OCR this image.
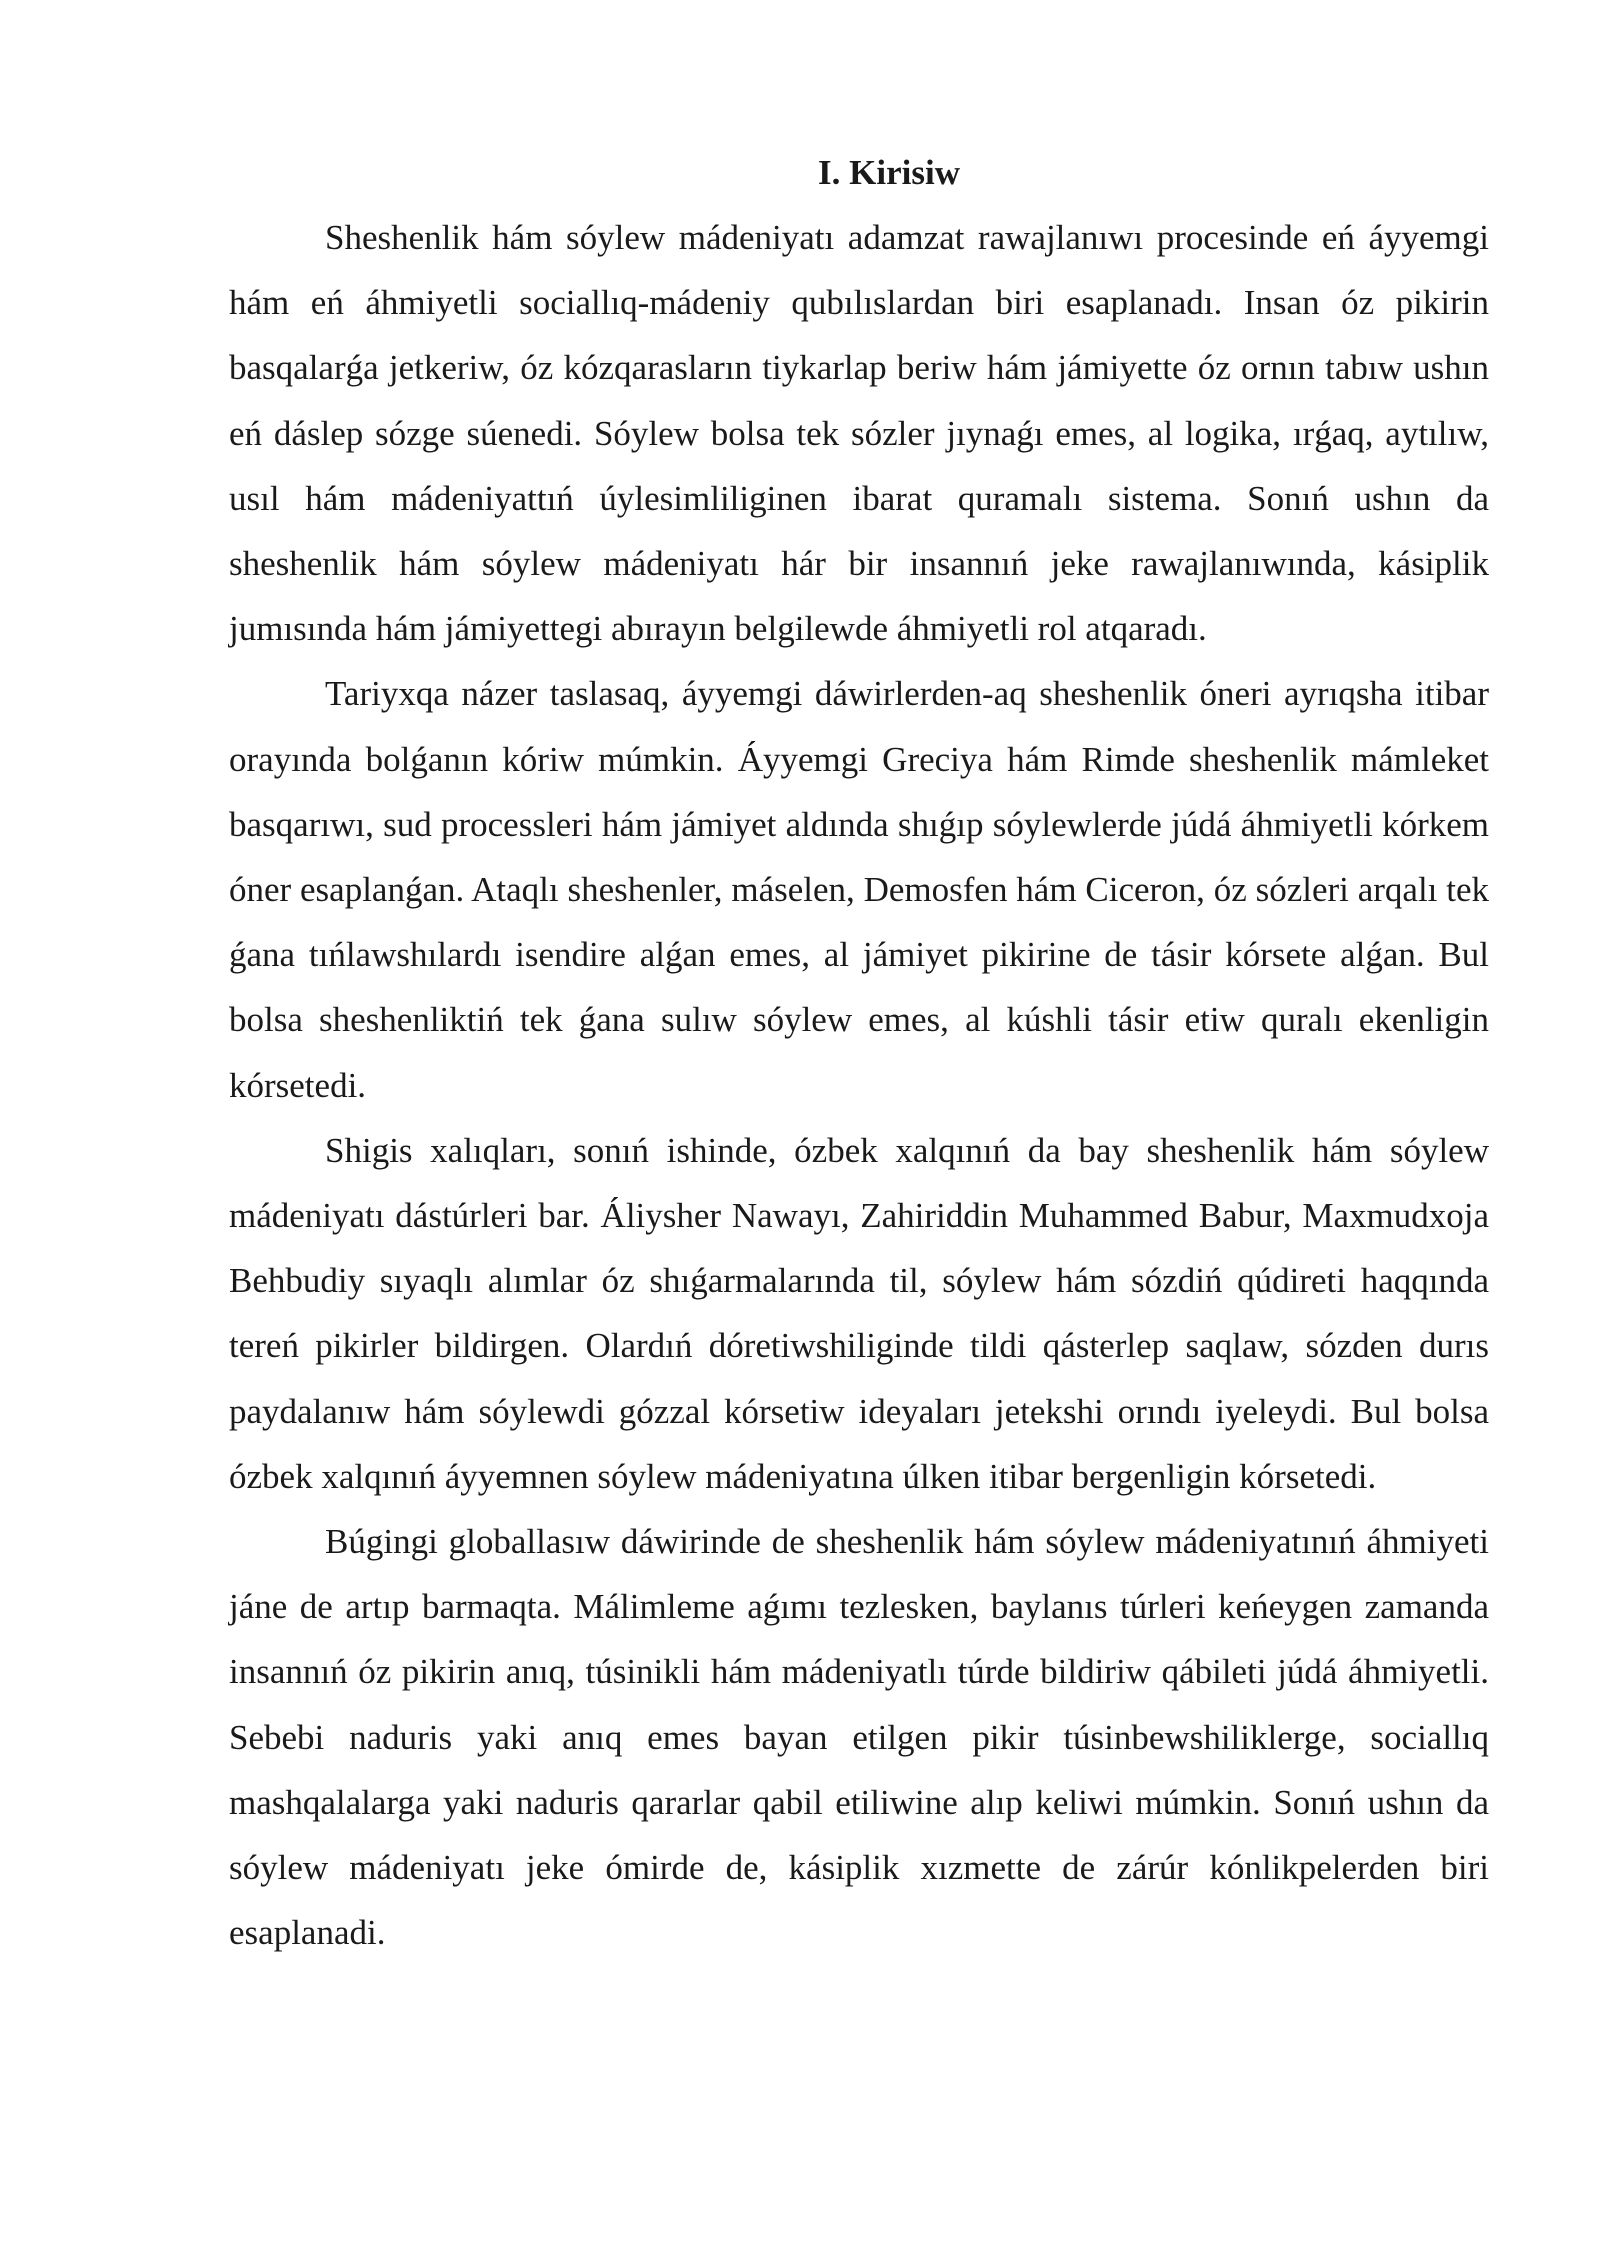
I. Kirisiw

Sheshenlik hám sóylew mádeniyatı adamzat rawajlanıwı procesinde eń áyyemgi hám eń áhmiyetli sociallıq-mádeniy qubılıslardan biri esaplanadı. Insan óz pikirin basqalarǵa jetkeriw, óz kózqarasların tiykarlap beriw hám jámiyette óz ornın tabıw ushın eń dáslep sózge súenedi. Sóylew bolsa tek sózler jıynaǵı emes, al logika, ırǵaq, aytılıw, usıl hám mádeniyattıń úylesimliliginen ibarat quramalı sistema. Sonıń ushın da sheshenlik hám sóylew mádeniyatı hár bir insannıń jeke rawajlanıwında, kásiplik jumısında hám jámiyettegi abırayın belgilewde áhmiyetli rol atqaradı.

Tariyxqa názer taslasaq, áyyemgi dáwirlerden-aq sheshenlik óneri ayrıqsha itibar orayında bolǵanın kóriw múmkin. Áyyemgi Greciya hám Rimde sheshenlik mámleket basqarıwı, sud processleri hám jámiyet aldında shıǵıp sóylewlerde júdá áhmiyetli kórkem óner esaplanǵan. Ataqlı sheshenler, máselen, Demosfen hám Ciceron, óz sózleri arqalı tek ǵana tıńlawshılardı isendire alǵan emes, al jámiyet pikirine de tásir kórsete alǵan. Bul bolsa sheshenliktiń tek ǵana sulıw sóylew emes, al kúshli tásir etiw quralı ekenligin kórsetedi.

Shigis xalıqları, sonıń ishinde, ózbek xalqınıń da bay sheshenlik hám sóylew mádeniyatı dástúrleri bar. Áliysher Nawayı, Zahiriddin Muhammed Babur, Maxmudxoja Behbudiy sıyaqlı alımlar óz shıǵarmalarında til, sóylew hám sózdiń qúdireti haqqında tereń pikirler bildirgen. Olardıń dóretiwshiliginde tildi qásterlep saqlaw, sózden durıs paydalanıw hám sóylewdi gózzal kórsetiw ideyaları jetekshi orındı iyeleydi. Bul bolsa ózbek xalqınıń áyyemnen sóylew mádeniyatına úlken itibar bergenligin kórsetedi.

Búgingi globallasıw dáwirinde de sheshenlik hám sóylew mádeniyatınıń áhmiyeti jáne de artıp barmaqta. Málimleme aǵımı tezlesken, baylanıs túrleri keńeygen zamanda insannıń óz pikirin anıq, túsinikli hám mádeniyatlı túrde bildiriw qábileti júdá áhmiyetli. Sebebi naduris yaki anıq emes bayan etilgen pikir túsinbewshiliklerge, sociallıq mashqalalarga yaki naduris qararlar qabil etiliwine alıp keliwi múmkin. Sonıń ushın da sóylew mádeniyatı jeke ómirde de, kásiplik xızmette de zárúr kónlikpelerden biri esaplanadi.
